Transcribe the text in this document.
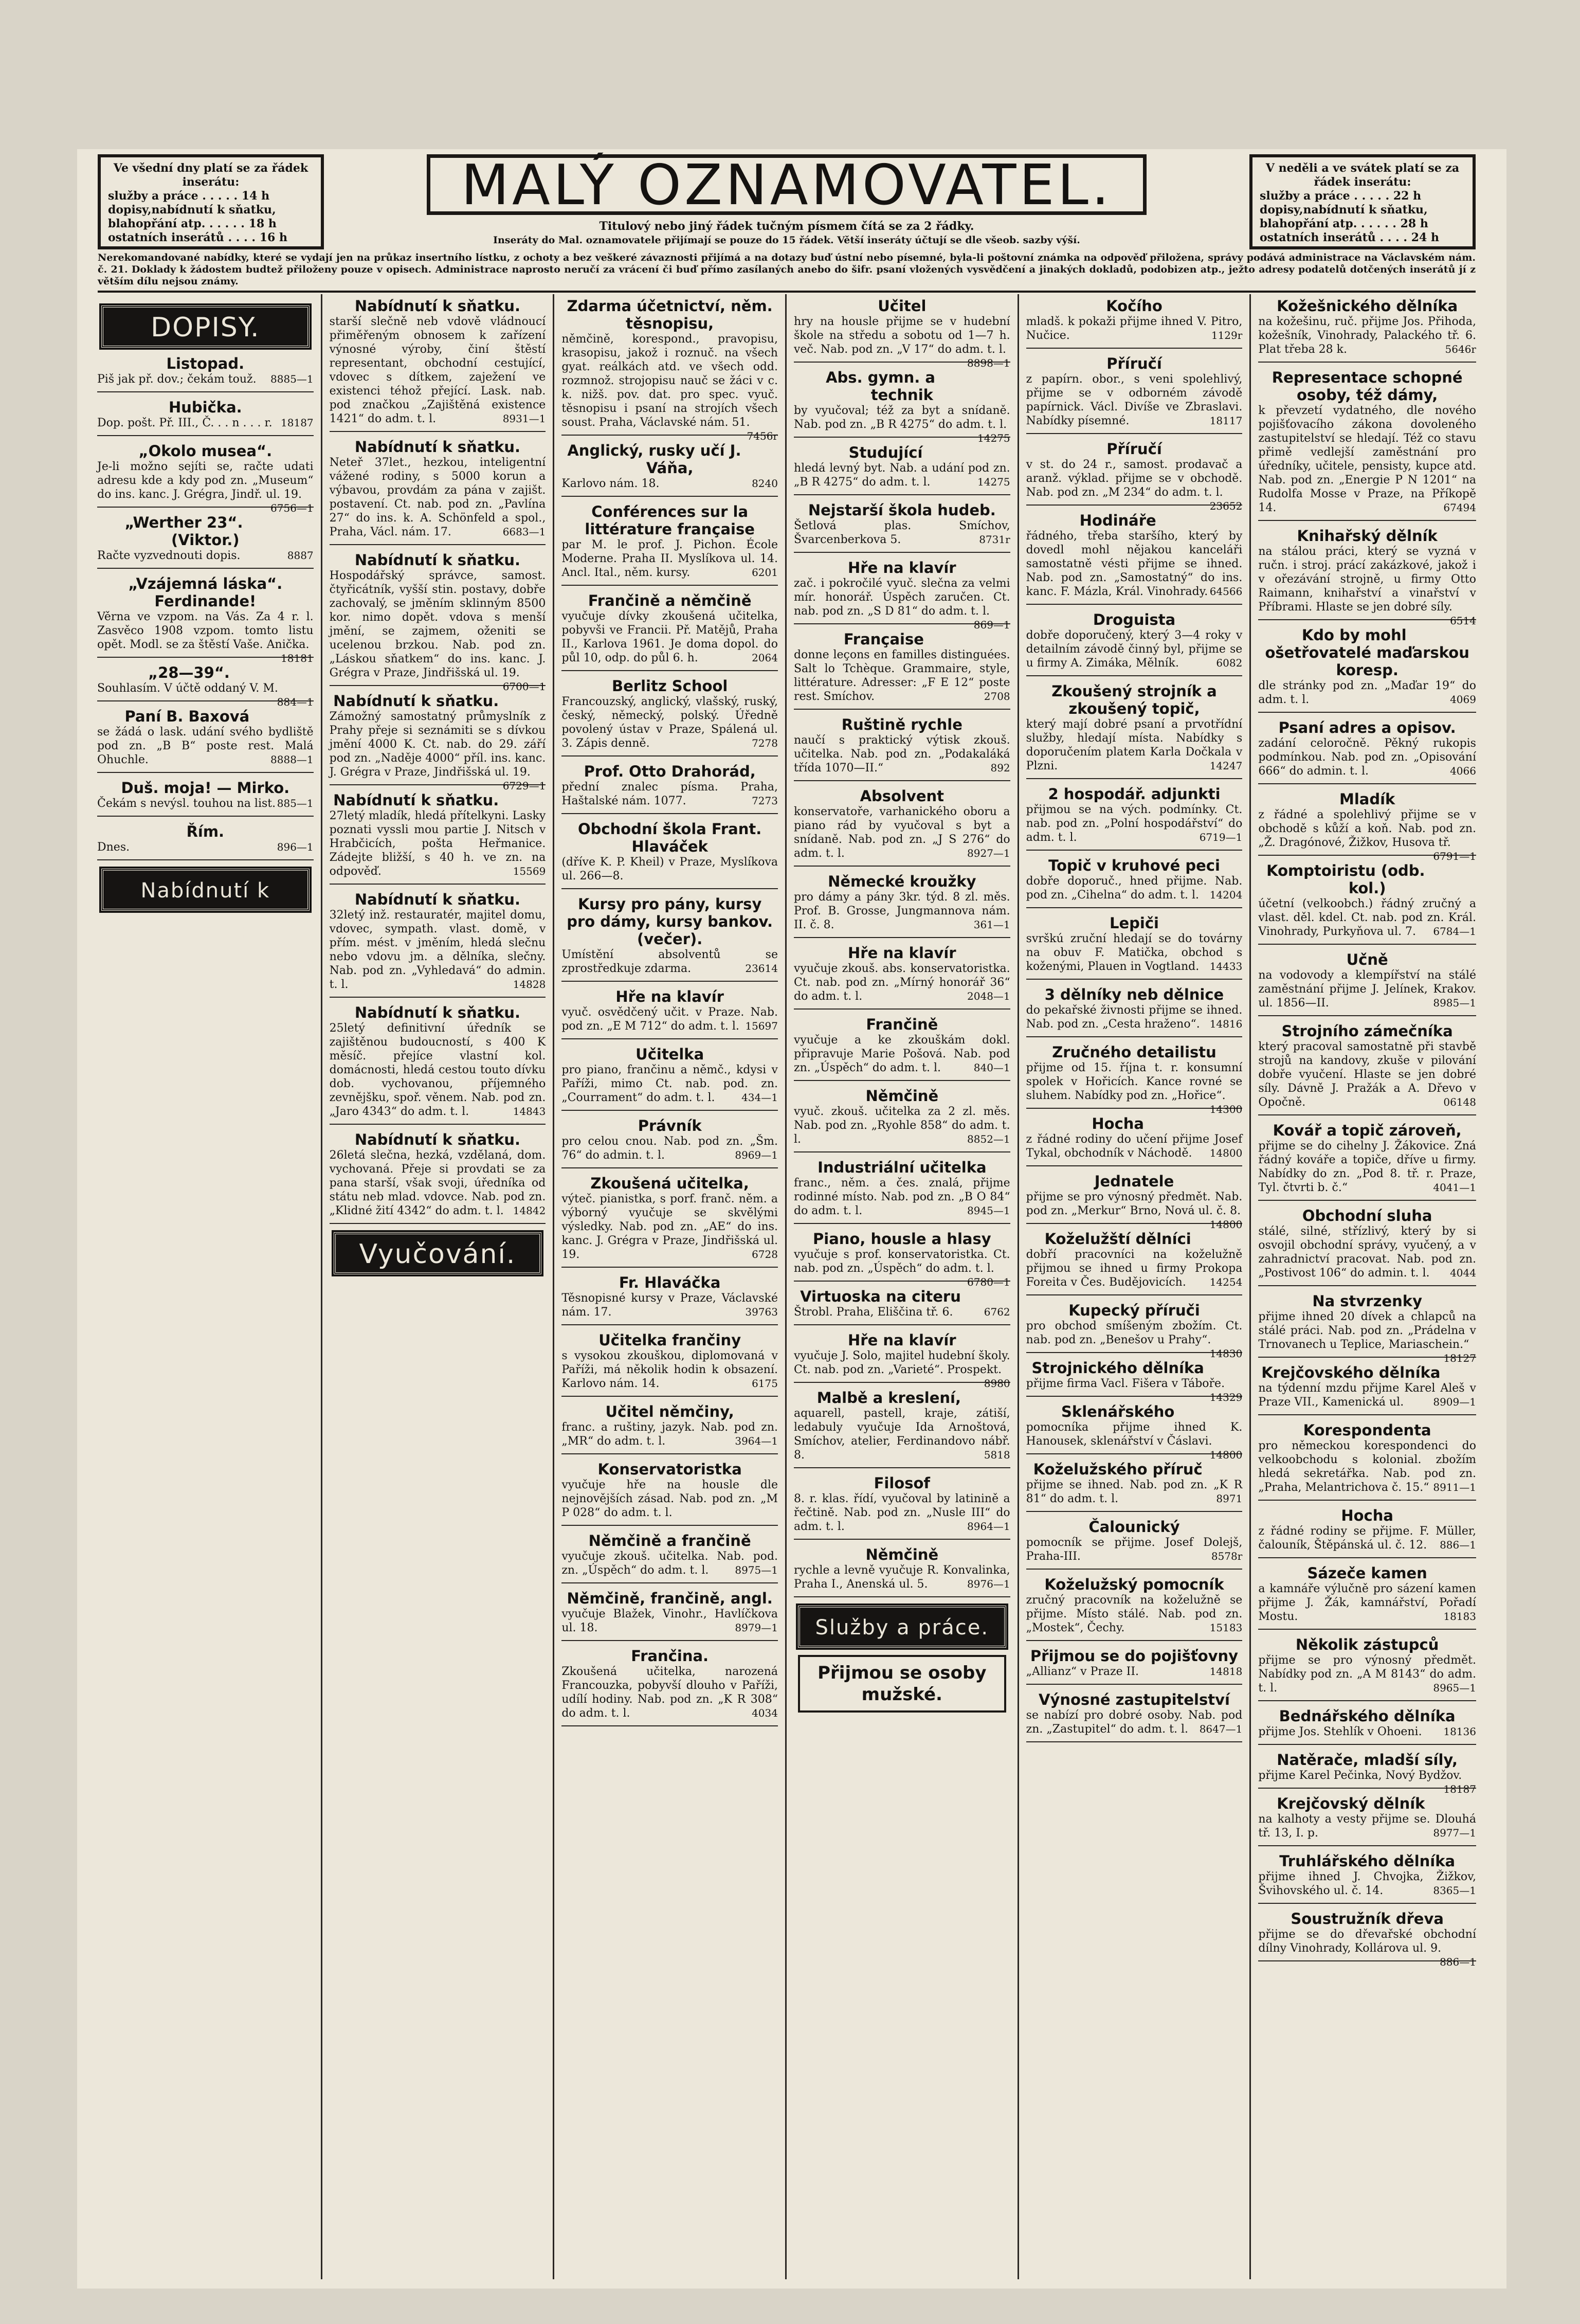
Ve všední dny platí se za řádek inserátu:
služby a práce . . . . . 14 h
dopisy,nabídnutí k sňatku,
blahopřání atp. . . . . . 18 h
ostatních inserátů . . . . 16 h
MALÝ OZNAMOVATEL.
Titulový nebo jiný řádek tučným písmem čítá se za 2 řádky.
Inseráty do Mal. oznamovatele přijímají se pouze do 15 řádek. Větší inseráty účtují se dle všeob. sazby výší.
V neděli a ve svátek platí se za řádek inserátu:
služby a práce . . . . . 22 h
dopisy,nabídnutí k sňatku,
blahopřání atp. . . . . . 28 h
ostatních inserátů . . . . 24 h
Nerekomandované nabídky, které se vydají jen na průkaz insertního lístku, z ochoty a bez veškeré závaznosti přijímá a na dotazy buď ústní nebo písemné, byla-li poštovní známka na odpověď přiložena, správy podává administrace na Václavském nám. č. 21. Doklady k žádostem budtež přiloženy pouze v opisech. Administrace naprosto neručí za vrácení či buď přímo zasílaných anebo do šifr. psaní vložených vysvědčení a jinakých dokladů, podobizen atp., ježto adresy podatelů dotčených inserátů jí z větším dílu nejsou známy.
DOPISY.
Listopad.
Piš jak př. dov.; čekám touž. 8885—1
Hubička.
Dop. pošt. Př. III., Č. . . n . . . r. 18187
„Okolo musea“.
Je-li možno sejíti se, račte udati adresu kde a kdy pod zn. „Museum“ do ins. kanc. J. Grégra, Jindř. ul. 19.
6756—1
„Werther 23“.(Viktor.)
Račte vyzvednouti dopis.	8887
„Vzájemná láska“. Ferdinande!
Věrna ve vzpom. na Vás. Za 4 r. l. Zasvěco 1908 vzpom. tomto listu opět. Modl. se za štěstí Vaše. Anička.
18181
„28—39“.
Souhlasím. V účtě oddaný V. M.
884—1
Paní B. Baxová
se žádá o lask. udání svého bydliště pod zn. „B B“ poste rest. Malá Ohuchle.	8888—1
Duš. moja! — Mirko.
Čekám s nevýsl. touhou na list. 885—1
Řím.
Dnes.	896—1
Nabídnutí k sňatku:
Nabídnutí k sňatku.
starší slečně neb vdově vládnoucí přiměřeným obnosem k zařízení výnosné výroby, činí štěstí representant, obchodní cestující, vdovec s dítkem, zaježení ve existenci téhož přející. Lask. nab. pod značkou „Zajištěná existence 1421“ do adm. t. l.	8931—1
Nabídnutí k sňatku.
Neteř 37let., hezkou, inteligentní vážené rodiny, s 5000 korun a výbavou, provdám za pána v zajišt. postavení. Ct. nab. pod zn. „Pavlína 27“ do ins. k. A. Schönfeld a spol., Praha, Václ. nám. 17.	6683—1
Nabídnutí k sňatku.
Hospodářský správce, samost. čtyřicátník, vyšší stin. postavy, dobře zachovalý, se jměním sklinným 8500 kor. nimo dopět. vdova s menší jmění, se zajmem, oženiti se ucelenou brzkou. Nab. pod zn. „Láskou sňatkem“ do ins. kanc. J. Grégra v Praze, Jindřišská ul. 19.
6700—1
Nabídnutí k sňatku.
Zámožný samostatný průmyslník z Prahy přeje si seznámiti se s dívkou jmění 4000 K. Ct. nab. do 29. září pod zn. „Naděje 4000“ příl. ins. kanc. J. Grégra v Praze, Jindřišská ul. 19.
6729—1
Nabídnutí k sňatku.
27letý mladík, hledá přítelkyni. Lasky poznati vyssli mou partie J. Nitsch v Hrabčicích, pošta Heřmanice. Zádejte bližší, s 40 h. ve zn. na odpověď.	15569
Nabídnutí k sňatku.
32letý inž. restauratér, majitel domu, vdovec, sympath. vlast. domě, v přím. mést. v jměním, hledá slečnu nebo vdovu jm. a dělníka, slečny. Nab. pod zn. „Vyhledavá“ do admin. t. l.	14828
Nabídnutí k sňatku.
25letý definitivní úředník se zajištěnou budoucností, s 400 K měsíč. přejíce vlastní kol. domácnosti, hledá cestou touto dívku dob. vychovanou, příjemného zevnějšku, spoř. věnem. Nab. pod zn. „Jaro 4343“ do adm. t. l.	14843
Nabídnutí k sňatku.
26letá slečna, hezká, vzdělaná, dom. vychovaná. Přeje si provdati se za pana starší, však svoji, úředníka od státu neb mlad. vdovce. Nab. pod zn. „Klidné žití 4342“ do adm. t. l. 14842
Vyučování.
Zdarma účetnictví, něm. těsnopisu,
němčině, korespond., pravopisu, krasopisu, jakož i roznuč. na všech gyat. reálkách atd. ve všech odd. rozmnož. strojopisu nauč se žáci v c. k. nižš. pov. dat. pro spec. vyuč. těsnopisu i psaní na strojích všech soust. Praha, Václavské nám. 51.
7456r
Anglický, rusky učí J. Váňa,
Karlovo nám. 18.	8240
Conférences sur la littérature française
par M. le prof. J. Pichon. École Moderne. Praha II. Myslíkova ul. 14. Ancl. Ital., něm. kursy.	6201
Frančině a němčině
vyučuje dívky zkoušená učitelka, pobyvši ve Francii. Př. Matějů, Praha II., Karlova 1961. Je doma dopol. do půl 10, odp. do půl 6. h.	2064
Berlitz School
Francouzský, anglický, vlašský, ruský, český, německý, polský. Úředně povolený ústav v Praze, Spálená ul. 3. Zápis denně.	7278
Prof. Otto Drahorád,
přední znalec písma. Praha, Haštalské nám. 1077.	7273
Obchodní škola Frant. Hlaváček
(dříve K. P. Kheil) v Praze, Myslíkova ul. 266—8.
Kursy pro pány, kursy pro dámy, kursy bankov. (večer).
Umístění absolventů se zprostředkuje zdarma.	23614
Hře na klavír
vyuč. osvědčený učit. v Praze. Nab. pod zn. „E M 712“ do adm. t. l. 15697
Učitelka
pro piano, frančinu a němč., kdysi v Paříži, mimo Ct. nab. pod. zn. „Courrament“ do adm. t. l.	434—1
Právník
pro celou cnou. Nab. pod zn. „Šm. 76“ do admin. t. l.	8969—1
Zkoušená učitelka,
výteč. pianistka, s porf. franč. něm. a výborný vyučuje se skvělými výsledky. Nab. pod zn. „AE“ do ins. kanc. J. Grégra v Praze, Jindřišská ul. 19.	6728
Fr. Hlaváčka
Těsnopisné kursy v Praze, Václavské nám. 17.	39763
Učitelka frančiny
s vysokou zkouškou, diplomovaná v Paříži, má několik hodin k obsazení. Karlovo nám. 14.	6175
Učitel němčiny,
franc. a ruštiny, jazyk. Nab. pod zn. „MR“ do adm. t. l.	3964—1
Konservatoristka
vyučuje hře na housle dle nejnovějších zásad. Nab. pod zn. „M P 028“ do adm. t. l.
Němčině a frančině
vyučuje zkouš. učitelka. Nab. pod. zn. „Úspěch“ do adm. t. l.	8975—1
Němčině, frančině, angl.
vyučuje Blažek, Vinohr., Havlíčkova ul. 18.	8979—1
Frančina.
Zkoušená učitelka, narozená Francouzka, pobyvší dlouho v Paříži, udílí hodiny. Nab. pod zn. „K R 308“ do adm. t. l.	4034
Učitel
hry na housle přijme se v hudební škole na středu a sobotu od 1—7 h. več. Nab. pod zn. „V 17“ do adm. t. l.
8898—1
Abs. gymn. a technik
by vyučoval; též za byt a snídaně. Nab. pod zn. „B R 4275“ do adm. t. l.
14275
Studující
hledá levný byt. Nab. a udání pod zn. „B R 4275“ do adm. t. l.	14275
Nejstarší škola hudeb.
Šetlová plas. Smíchov, Švarcenberkova 5.	8731r
Hře na klavír
zač. i pokročilé vyuč. slečna za velmi mír. honorář. Úspěch zaručen. Ct. nab. pod zn. „S D 81“ do adm. t. l.
869—1
Française
donne leçons en familles distinguées. Salt lo Tchèque. Grammaire, style, littérature. Adresser: „F E 12“ poste rest. Smíchov.	2708
Ruštině rychle
naučí s praktický výtisk zkouš. učitelka. Nab. pod zn. „Podakaláká třída 1070—II.“	892
Absolvent
konservatoře, varhanického oboru a piano rád by vyučoval s byt a snídaně. Nab. pod zn. „J S 276“ do adm. t. l.	8927—1
Německé kroužky
pro dámy a pány 3kr. týd. 8 zl. měs. Prof. B. Grosse, Jungmannova nám. II. č. 8.	361—1
Hře na klavír
vyučuje zkouš. abs. konservatoristka. Ct. nab. pod zn. „Mírný honorář 36“ do adm. t. l.	2048—1
Frančině
vyučuje a ke zkouškám dokl. připravuje Marie Pošová. Nab. pod zn. „Úspěch“ do adm. t. l.	840—1
Němčině
vyuč. zkouš. učitelka za 2 zl. měs. Nab. pod zn. „Ryohle 858“ do adm. t. l.	8852—1
Industriální učitelka
franc., něm. a čes. znalá, přijme rodinné místo. Nab. pod zn. „B O 84“ do adm. t. l.	8945—1
Piano, housle a hlasy
vyučuje s prof. konservatoristka. Ct. nab. pod zn. „Úspěch“ do adm. t. l.
6780—1
Virtuoska na citeru
Štrobl. Praha, Eliščina tř. 6.	6762
Hře na klavír
vyučuje J. Solo, majitel hudební školy. Ct. nab. pod zn. „Varieté“. Prospekt.
8980
Malbě a kreslení,
aquarell, pastell, kraje, zátiší, ledabuly vyučuje Ida Arnoštová, Smíchov, atelier, Ferdinandovo nábř. 8.	5818
Filosof
8. r. klas. řídí, vyučoval by latinině a řečtině. Nab. pod zn. „Nusle III“ do adm. t. l.	8964—1
Němčině
rychle a levně vyučuje R. Konvalinka, Praha I., Anenská ul. 5.	8976—1
Služby a práce.
Přijmou se osoby mužské.
Kočího
mladš. k pokaži přijme ihned V. Pitro, Nučice.	1129r
Příručí
z papírn. obor., s veni spolehlivý, přijme se v odborném závodě papírnick. Václ. Divíše ve Zbraslavi. Nabídky písemné.	18117
Příručí
v st. do 24 r., samost. prodavač a aranž. výklad. přijme se v obchodě. Nab. pod zn. „M 234“ do adm. t. l.
23652
Hodináře
řádného, třeba staršího, který by dovedl mohl nějakou kanceláři samostatně vésti přijme se ihned. Nab. pod zn. „Samostatný“ do ins. kanc. F. Mázla, Král. Vinohrady. 64566
Droguista
dobře doporučený, který 3—4 roky v detailním závodě činný byl, přijme se u firmy A. Zimáka, Mělník.	6082
Zkoušený strojník a zkoušený topič,
který mají dobré psaní a prvotřídní služby, hledají místa. Nabídky s doporučením platem Karla Dočkala v Plzni.	14247
2 hospodář. adjunkti
přijmou se na vých. podmínky. Ct. nab. pod zn. „Polní hospodářství“ do adm. t. l.	6719—1
Topič v kruhové peci
dobře doporuč., hned přijme. Nab. pod zn. „Cihelna“ do adm. t. l. 14204
Lepiči
svrškú zruční hledají se do továrny na obuv F. Matička, obchod s koženými, Plauen in Vogtland. 14433
3 dělníky neb dělnice
do pekařské živnosti přijme se ihned. Nab. pod zn. „Cesta hraženo“. 14816
Zručného detailistu
přijme od 15. října t. r. konsumní spolek v Hořicích. Kance rovné se sluhem. Nabídky pod zn. „Hořice“.
14300
Hocha
z řádné rodiny do učení přijme Josef Tykal, obchodník v Náchodě. 14800
Jednatele
přijme se pro výnosný předmět. Nab. pod zn. „Merkur“ Brno, Nová ul. č. 8.
14800
Koželužští dělníci
dobří pracovníci na koželužně přijmou se ihned u firmy Prokopa Foreita v Čes. Budějovicích. 14254
Kupecký příruči
pro obchod smíšeným zbožím. Ct. nab. pod zn. „Benešov u Prahy“.
14830
Strojnického dělníka
přijme firma Vacl. Fišera v Táboře.
14329
Sklenářského
pomocníka přijme ihned K. Hanousek, sklenářství v Čáslavi.
14800
Koželužského příruč
přijme se ihned. Nab. pod zn. „K R 81“ do adm. t. l.	8971
Čalounický
pomocník se přijme. Josef Dolejš, Praha-III.	8578r
Koželužský pomocník
zručný pracovník na koželužně se přijme. Místo stálé. Nab. pod zn. „Mostek“, Čechy.	15183
Přijmou se do pojišťovny
„Allianz“ v Praze II.	14818
Výnosné zastupitelství
se nabízí pro dobré osoby. Nab. pod zn. „Zastupitel“ do adm. t. l. 8647—1
Kožešnického dělníka
na kožešinu, ruč. přijme Jos. Přihoda, kožešník, Vinohrady, Palackého tř. 6. Plat třeba 28 k.	5646r
Representace schopné osoby, též dámy,
k převzetí vydatného, dle nového pojišťovacího zákona dovoleného zastupitelství se hledají. Též co stavu přimě vedlejší zaměstnání pro úředníky, učitele, pensisty, kupce atd. Nab. pod zn. „Energie P N 1201“ na Rudolfa Mosse v Praze, na Příkopě 14.	67494
Knihařský dělník
na stálou práci, který se vyzná v ručn. i stroj. prácí zakázkové, jakož i v ořezávání strojně, u firmy Otto Raimann, knihařství a vinařství v Příbrami. Hlaste se jen dobré síly.
6514
Kdo by mohl ošetřovatelé maďarskou koresp.
dle stránky pod zn. „Maďar 19“ do adm. t. l.	4069
Psaní adres a opisov.
zadání celoročně. Pěkný rukopis podmínkou. Nab. pod zn. „Opisování 666“ do admin. t. l.	4066
Mladík
z řádné a spolehlivý přijme se v obchodě s kůží a koň. Nab. pod zn. „Ž. Dragónové, Žižkov, Husova tř.
6791—1
Komptoiristu (odb. kol.)
účetní (velkoobch.) řádný zručný a vlast. děl. kdel. Ct. nab. pod zn. Král. Vinohrady, Purkyňova ul. 7. 6784—1
Učně
na vodovody a klempířství na stálé zaměstnání přijme J. Jelínek, Krakov. ul. 1856—II.	8985—1
Strojního zámečníka
který pracoval samostatně při stavbě strojů na kandovy, zkuše v pilování dobře vyučení. Hlaste se jen dobré síly. Dávně J. Pražák a A. Dřevo v Opočně.	06148
Kovář a topič zároveň,
přijme se do cihelny J. Žákovice. Zná řádný kováře a topiče, dříve u firmy. Nabídky do zn. „Pod 8. tř. r. Praze, Tyl. čtvrti b. č.“	4041—1
Obchodní sluha
stálé, silné, střízlivý, který by si osvojil obchodní správy, vyučený, a v zahradnictví pracovat. Nab. pod zn. „Postivost 106“ do admin. t. l. 4044
Na stvrzenky
přijme ihned 20 dívek a chlapců na stálé práci. Nab. pod zn. „Prádelna v Trnovanech u Teplice, Mariaschein.“
18127
Krejčovského dělníka
na týdenní mzdu přijme Karel Aleš v Praze VII., Kamenická ul.	8909—1
Korespondenta
pro německou korespondenci do velkoobchodu s kolonial. zbožím hledá sekretářka. Nab. pod zn. „Praha, Melantrichova č. 15.“ 8911—1
Hocha
z řádné rodiny se přijme. F. Müller, čalouník, Štěpánská ul. č. 12. 886—1
Sázeče kamen
a kamnáře výlučně pro sázení kamen přijme J. Žák, kamnářství, Pořadí Mostu.	18183
Několik zástupců
přijme se pro výnosný předmět. Nabídky pod zn. „A M 8143“ do adm. t. l.	8965—1
Bednářského dělníka
přijme Jos. Stehlík v Ohoeni. 18136
Natěrače, mladší síly,
přijme Karel Pečinka, Nový Bydžov.
18187
Krejčovský dělník
na kalhoty a vesty přijme se. Dlouhá tř. 13, I. p.	8977—1
Truhlářského dělníka
přijme ihned J. Chvojka, Žižkov, Švihovského ul. č. 14.	8365—1
Soustružník dřeva
přijme se do dřevařské obchodní dílny Vinohrady, Kollárova ul. 9.
886—1
